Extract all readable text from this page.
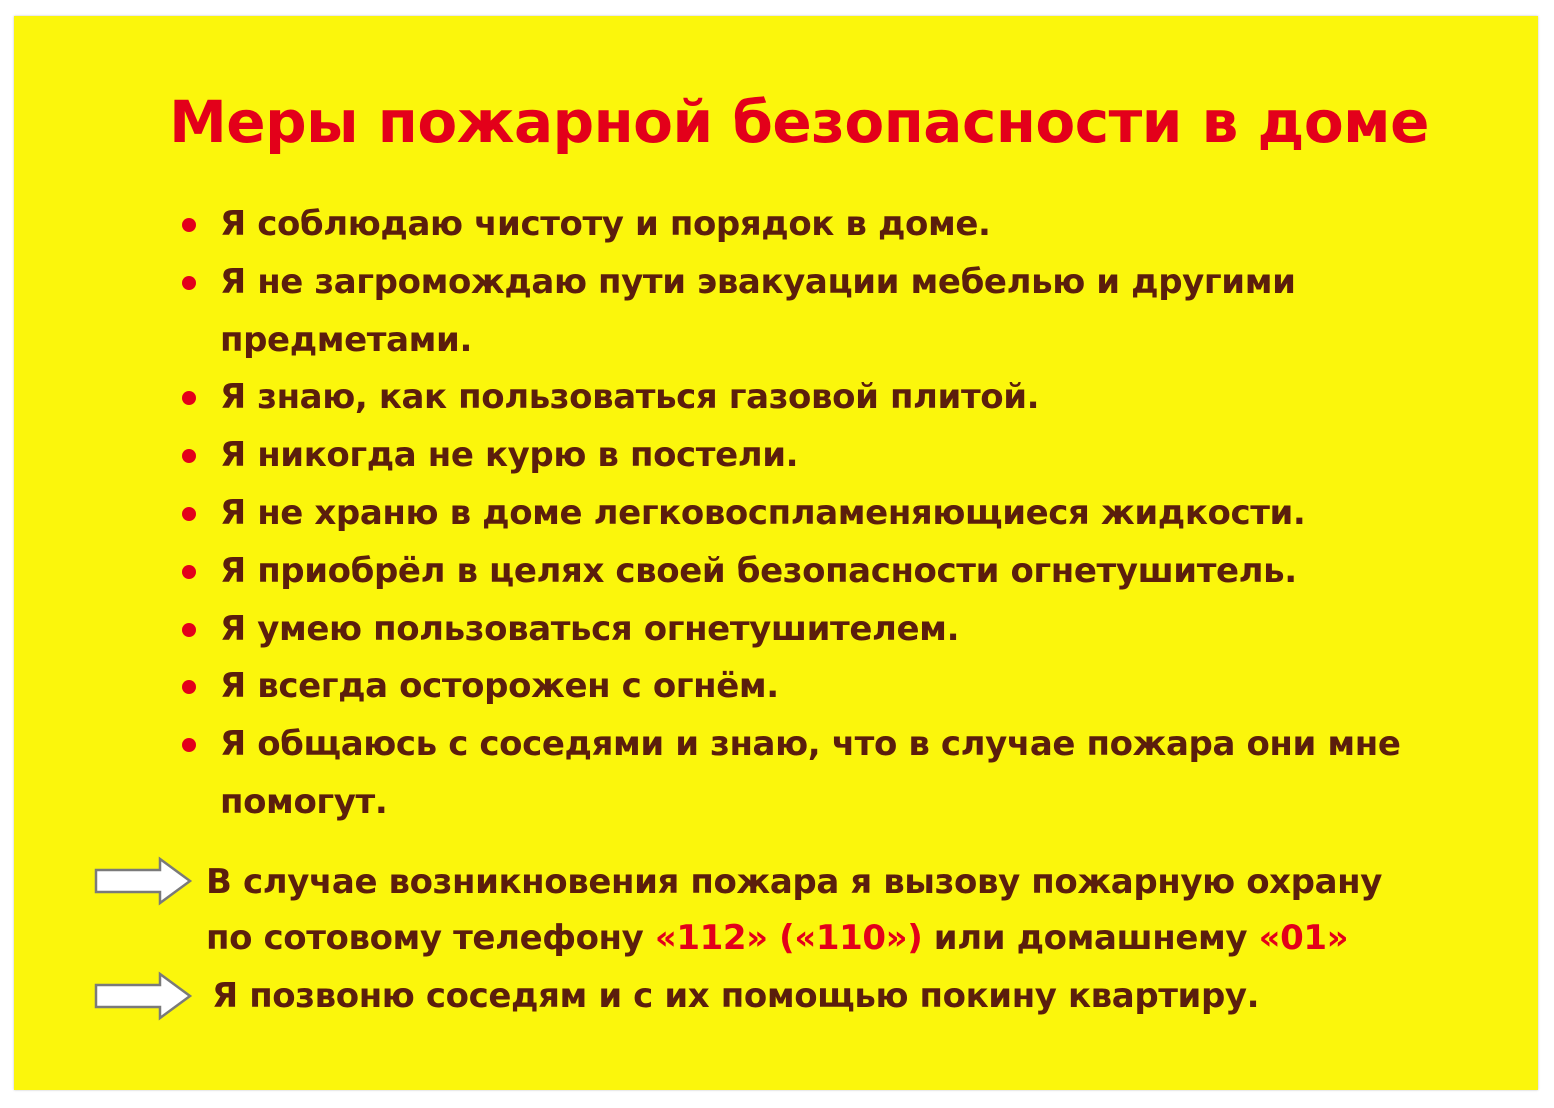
Меры пожарной безопасности в доме
Я соблюдаю чистоту и порядок в доме.
Я не загромождаю пути эвакуации мебелью и другими предметами.
Я знаю, как пользоваться газовой плитой.
Я никогда не курю в постели.
Я не храню в доме легковоспламеняющиеся жидкости.
Я приобрёл в целях своей безопасности огнетушитель.
Я умею пользоваться огнетушителем.
Я всегда осторожен с огнём.
Я общаюсь с соседями и знаю, что в случае пожара они мне помогут.
В случае возникновения пожара я вызову пожарную охрану
по сотовому телефону «112» («110») или домашнему «01»
Я позвоню соседям и с их помощью покину квартиру.
